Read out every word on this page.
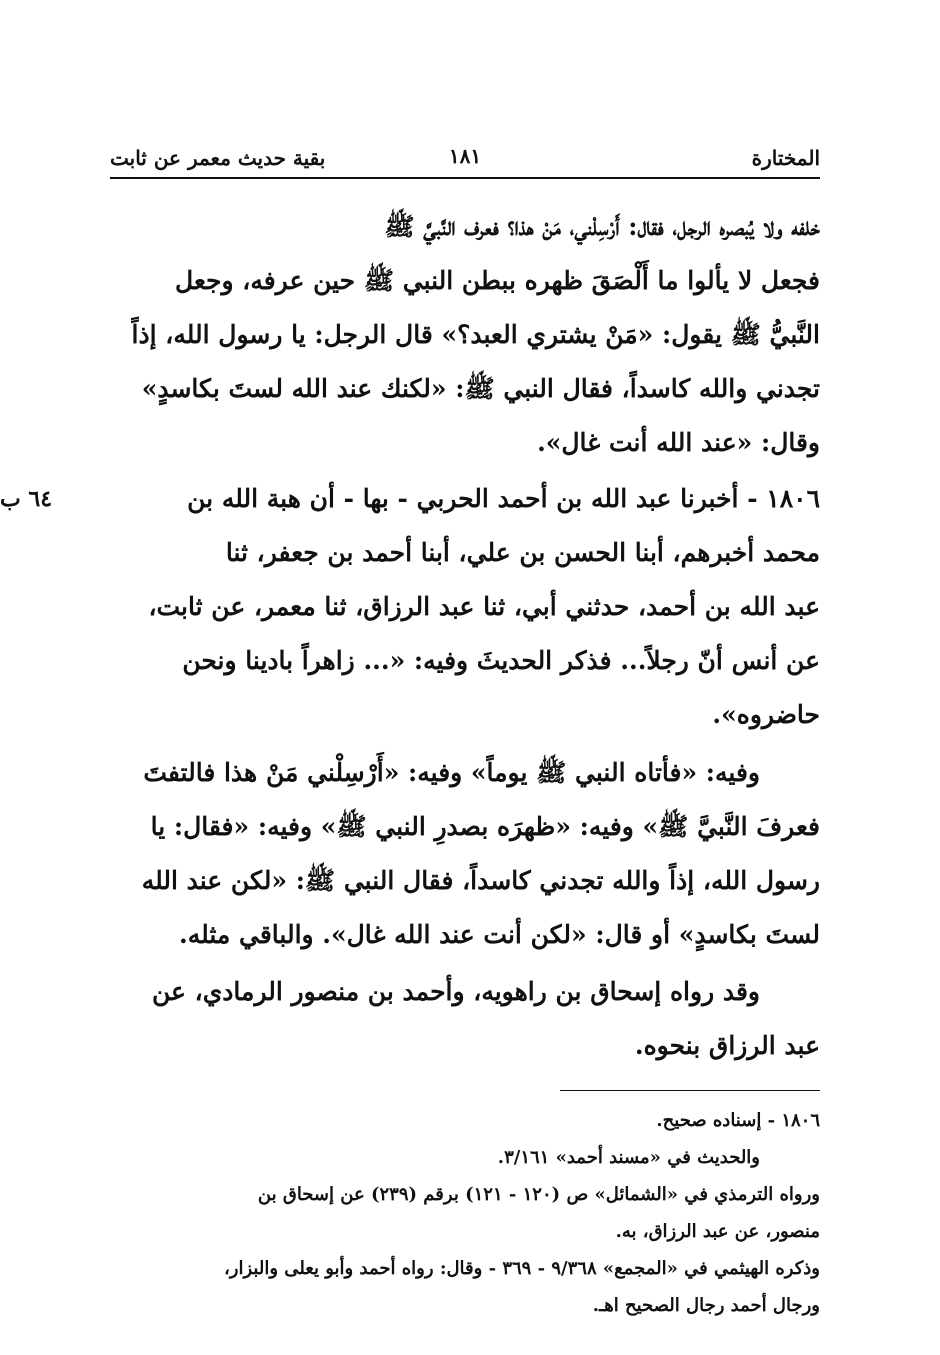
المختارة
١٨١
بقية حديث معمر عن ثابت
٦٤ ب
خلفه ولا يُبصره الرجل، فقال: أَرْسِلْني، مَنْ هذا؟ فعرف النَّبيَّ ﷺ
فجعل لا يألوا ما أَلْصَقَ ظهره ببطن النبي ﷺ حين عرفه، وجعل
النَّبيُّ ﷺ يقول: «مَنْ يشتري العبد؟» قال الرجل: يا رسول الله، إذاً
تجدني والله كاسداً، فقال النبي ﷺ: «لكنك عند الله لستَ بكاسدٍ»
وقال: «عند الله أنت غال».
١٨٠٦ - أخبرنا عبد الله بن أحمد الحربي - بها - أن هبة الله بن
محمد أخبرهم، أبنا الحسن بن علي، أبنا أحمد بن جعفر، ثنا
عبد الله بن أحمد، حدثني أبي، ثنا عبد الرزاق، ثنا معمر، عن ثابت،
عن أنس أنّ رجلاً... فذكر الحديثَ وفيه: «... زاهراً بادينا ونحن
حاضروه».
وفيه: «فأتاه النبي ﷺ يوماً» وفيه: «أَرْسِلْني مَنْ هذا فالتفتَ
فعرفَ النَّبيَّ ﷺ» وفيه: «ظهرَه بصدرِ النبي ﷺ» وفيه: «فقال: يا
رسول الله، إذاً والله تجدني كاسداً، فقال النبي ﷺ: «لكن عند الله
لستَ بكاسدٍ» أو قال: «لكن أنت عند الله غال». والباقي مثله.
وقد رواه إسحاق بن راهويه، وأحمد بن منصور الرمادي، عن
عبد الرزاق بنحوه.
١٨٠٦ - إسناده صحيح.
والحديث في «مسند أحمد» ٣/١٦١.
ورواه الترمذي في «الشمائل» ص (١٢٠ - ١٢١) برقم (٢٣٩) عن إسحاق بن
منصور، عن عبد الرزاق، به.
وذكره الهيثمي في «المجمع» ٩/٣٦٨ - ٣٦٩ - وقال: رواه أحمد وأبو يعلى والبزار،
ورجال أحمد رجال الصحيح اهـ.
